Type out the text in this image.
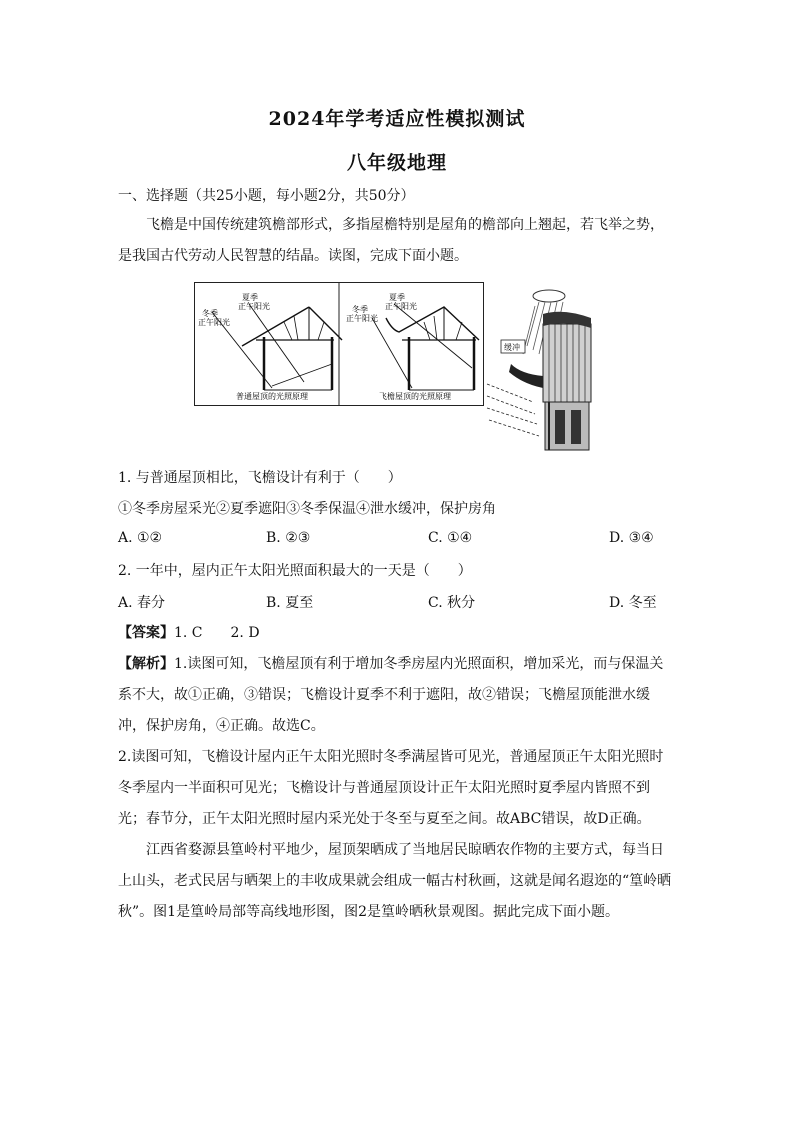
2024年学考适应性模拟测试
八年级地理
一、选择题（共25小题，每小题2分，共50分）
飞檐是中国传统建筑檐部形式，多指屋檐特别是屋角的檐部向上翘起，若飞举之势，是我国古代劳动人民智慧的结晶。读图，完成下面小题。
夏季
正午阳光
冬季
正午阳光
普通屋顶的光照原理
夏季
正午阳光
冬季
正午阳光
飞檐屋顶的光照原理
缓冲
1. 与普通屋顶相比，飞檐设计有利于（　　）
①冬季房屋采光②夏季遮阳③冬季保温④泄水缓冲，保护房角
A. ①②	B. ②③	C. ①④	D. ③④
2. 一年中，屋内正午太阳光照面积最大的一天是（　　）
A. 春分	B. 夏至	C. 秋分	D. 冬至
【答案】1. C　　2. D
【解析】1.读图可知，飞檐屋顶有利于增加冬季房屋内光照面积，增加采光，而与保温关系不大，故①正确，③错误；飞檐设计夏季不利于遮阳，故②错误；飞檐屋顶能泄水缓冲，保护房角，④正确。故选C。
2.读图可知，飞檐设计屋内正午太阳光照时冬季满屋皆可见光，普通屋顶正午太阳光照时冬季屋内一半面积可见光；飞檐设计与普通屋顶设计正午太阳光照时夏季屋内皆照不到光；春节分，正午太阳光照时屋内采光处于冬至与夏至之间。故ABC错误，故D正确。
江西省婺源县篁岭村平地少，屋顶架晒成了当地居民晾晒农作物的主要方式，每当日上山头，老式民居与晒架上的丰收成果就会组成一幅古村秋画，这就是闻名遐迩的“篁岭晒秋”。图1是篁岭局部等高线地形图，图2是篁岭晒秋景观图。据此完成下面小题。
